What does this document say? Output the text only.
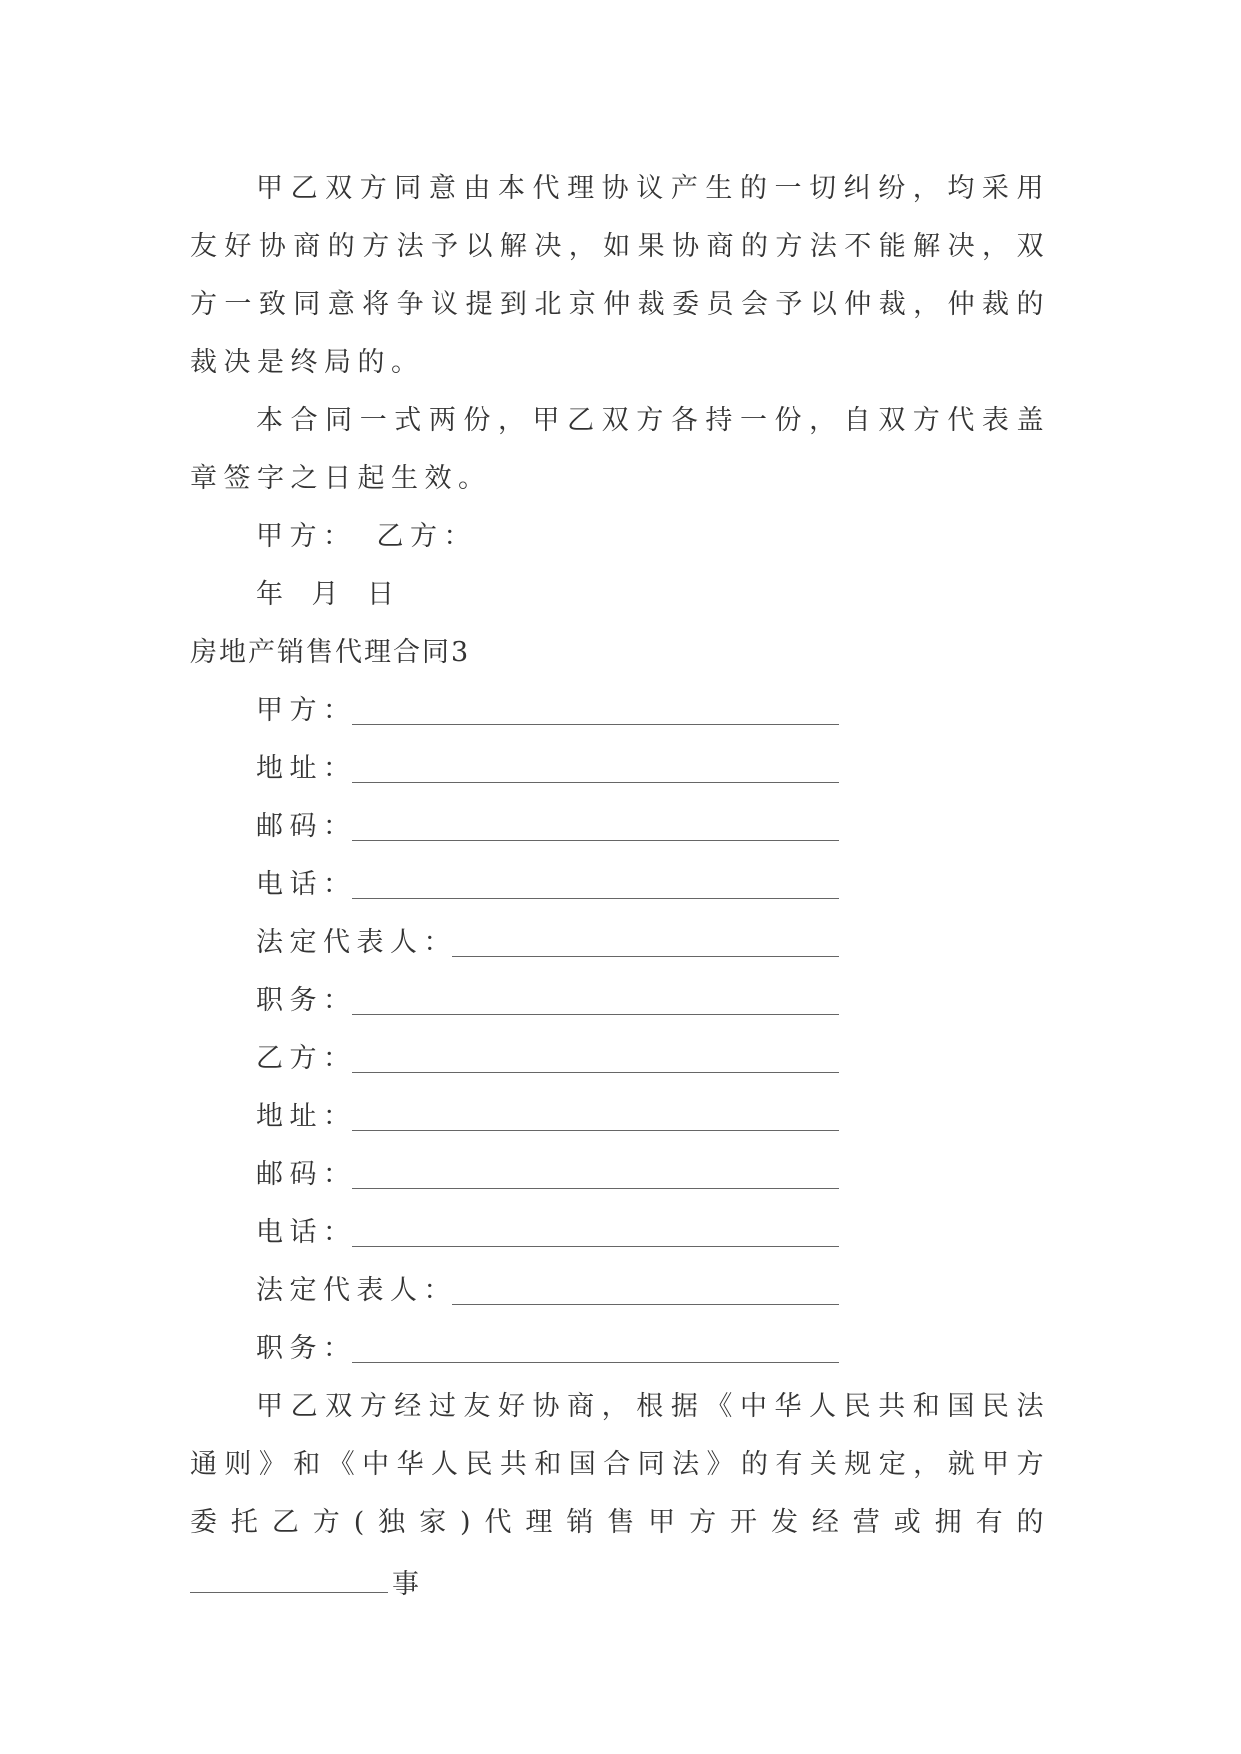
甲乙双方同意由本代理协议产生的一切纠纷，均采用友好协商的方法予以解决，如果协商的方法不能解决，双方一致同意将争议提到北京仲裁委员会予以仲裁，仲裁的裁决是终局的。

本合同一式两份，甲乙双方各持一份，自双方代表盖章签字之日起生效。

甲方： 乙方：
年 月 日
房地产销售代理合同3
甲方：
地址：
邮码：
电话：
法定代表人：
职务：
乙方：
地址：
邮码：
电话：
法定代表人：
职务：

甲乙双方经过友好协商，根据《中华人民共和国民法通则》和《中华人民共和国合同法》的有关规定，就甲方委托乙方(独家)代理销售甲方开发经营或拥有的事
